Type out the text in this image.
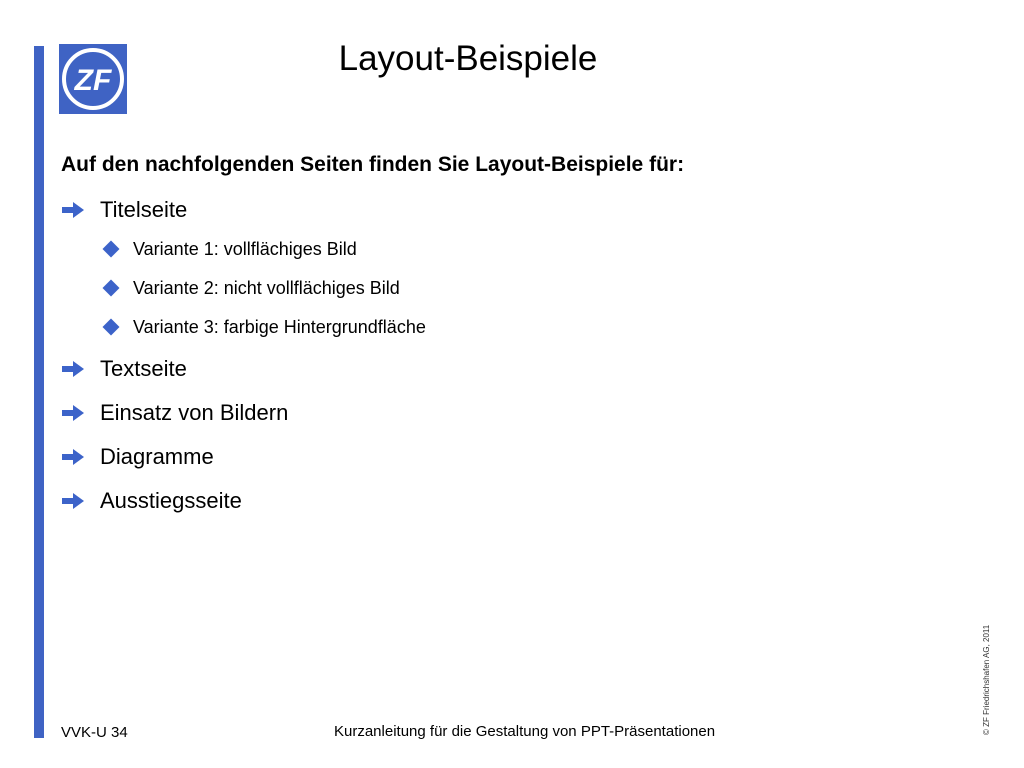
ZF
Layout-Beispiele
Auf den nachfolgenden Seiten finden Sie Layout-Beispiele für:
Titelseite
Variante 1: vollflächiges Bild
Variante 2: nicht vollflächiges Bild
Variante 3: farbige Hintergrundfläche
Textseite
Einsatz von Bildern
Diagramme
Ausstiegsseite
© ZF Friedrichshafen AG, 2011
VVK-U 34	Kurzanleitung für die Gestaltung von PPT-Präsentationen
